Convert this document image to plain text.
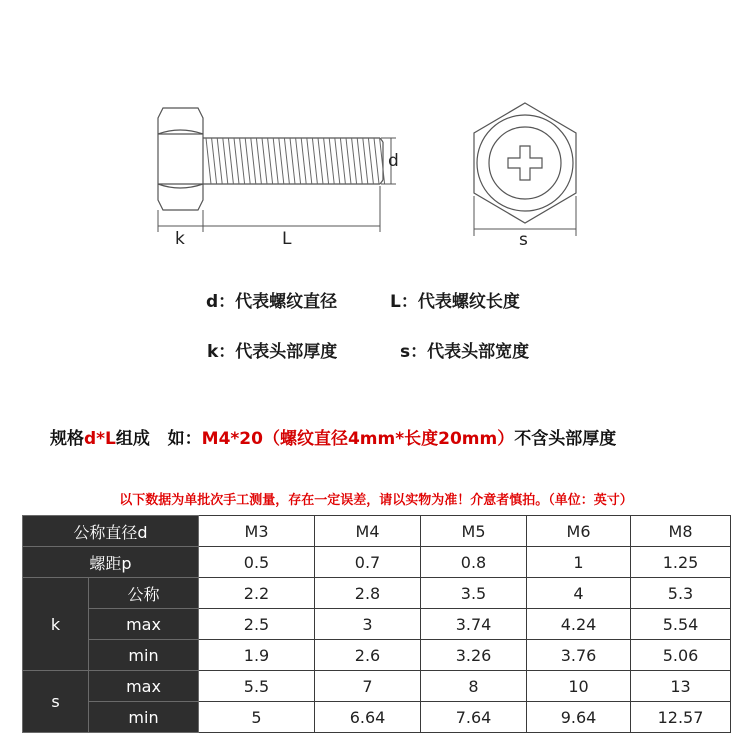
d
k	L	s
d：代表螺纹直径	L：代表螺纹长度
k：代表头部厚度	s：代表头部宽度
规格d*L组成   如：M4*20（螺纹直径4mm*长度20mm）不含头部厚度
以下数据为单批次手工测量，存在一定误差，请以实物为准！介意者慎拍。（单位：英寸）
公称直径d		M3	M4	M5	M6	M8
螺距p		0.5	0.7	0.8	1	1.25
k	公称	2.2	2.8	3.5	4	5.3
	max	2.5	3	3.74	4.24	5.54
	min	1.9	2.6	3.26	3.76	5.06
s	max	5.5	7	8	10	13
	min	5	6.64	7.64	9.64	12.57
